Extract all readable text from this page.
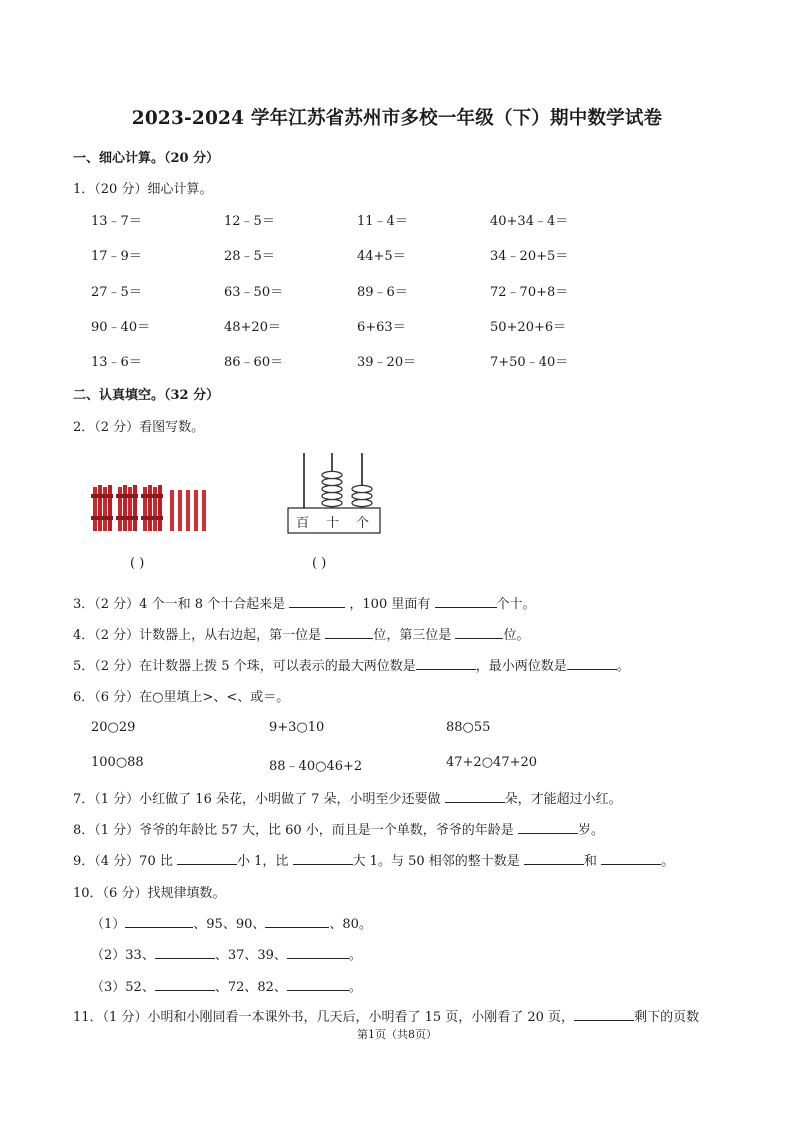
2023-2024 学年江苏省苏州市多校一年级（下）期中数学试卷
一、细心计算。（20 分）
1．（20 分）细心计算。
13﹣7＝	12﹣5＝	11﹣4＝	40+34﹣4＝
17﹣9＝	28﹣5＝	44+5＝	34﹣20+5＝
27﹣5＝	63﹣50＝	89﹣6＝	72﹣70+8＝
90﹣40＝	48+20＝	6+63＝	50+20+6＝
13﹣6＝	86﹣60＝	39﹣20＝	7+50﹣40＝
二、认真填空。（32 分）
2．（2 分）看图写数。
百 十 个
( )	( )
3．（2 分）4 个一和 8 个十合起来是	，100 里面有	个十。
4．（2 分）计数器上，从右边起，第一位是	位，第三位是	位。
5．（2 分）在计数器上拨 5 个珠，可以表示的最大两位数是	，最小两位数是	。
6．（6 分）在○里填上>、<、或＝。
20○29	9+3○10	88○55
100○88	88﹣40○46+2	47+2○47+20
7．（1 分）小红做了 16 朵花，小明做了 7 朵，小明至少还要做	朵，才能超过小红。
8．（1 分）爷爷的年龄比 57 大，比 60 小，而且是一个单数，爷爷的年龄是	岁。
9．（4 分）70 比	小 1，比	大 1。与 50 相邻的整十数是	和	。
10．（6 分）找规律填数。
（1）	、95、90、	、80。
（2）33、	、37、39、	。
（3）52、	、72、82、	。
11．（1 分）小明和小刚同看一本课外书，几天后，小明看了 15 页，小刚看了 20 页，	剩下的页数
第1页（共8页）
